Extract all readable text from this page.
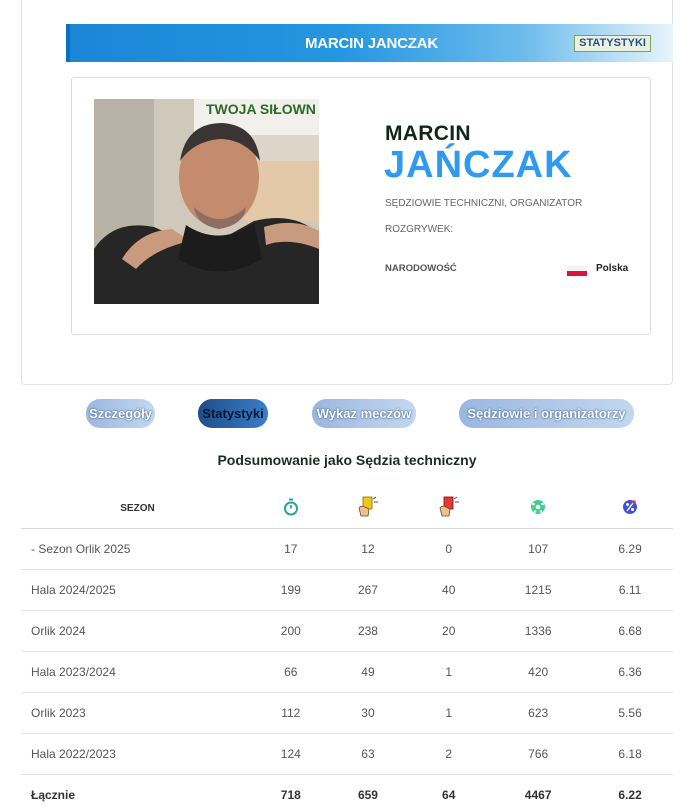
MARCIN JANCZAK	STATYSTYKI
TWOJA SIŁOWN
MARCIN
JAŃCZAK
SĘDZIOWIE TECHNICZNI, ORGANIZATOR ROZGRYWEK:
NARODOWOŚĆ	Polska
Szczegóły	Statystyki	Wykaz meczów	Sędziowie i organizatorzy
Podsumowanie jako Sędzia techniczny
SEZON					
- Sezon Orlik 2025	17	12	0	107	6.29
Hala 2024/2025	199	267	40	1215	6.11
Orlik 2024	200	238	20	1336	6.68
Hala 2023/2024	66	49	1	420	6.36
Orlik 2023	112	30	1	623	5.56
Hala 2022/2023	124	63	2	766	6.18
Łącznie	718	659	64	4467	6.22
